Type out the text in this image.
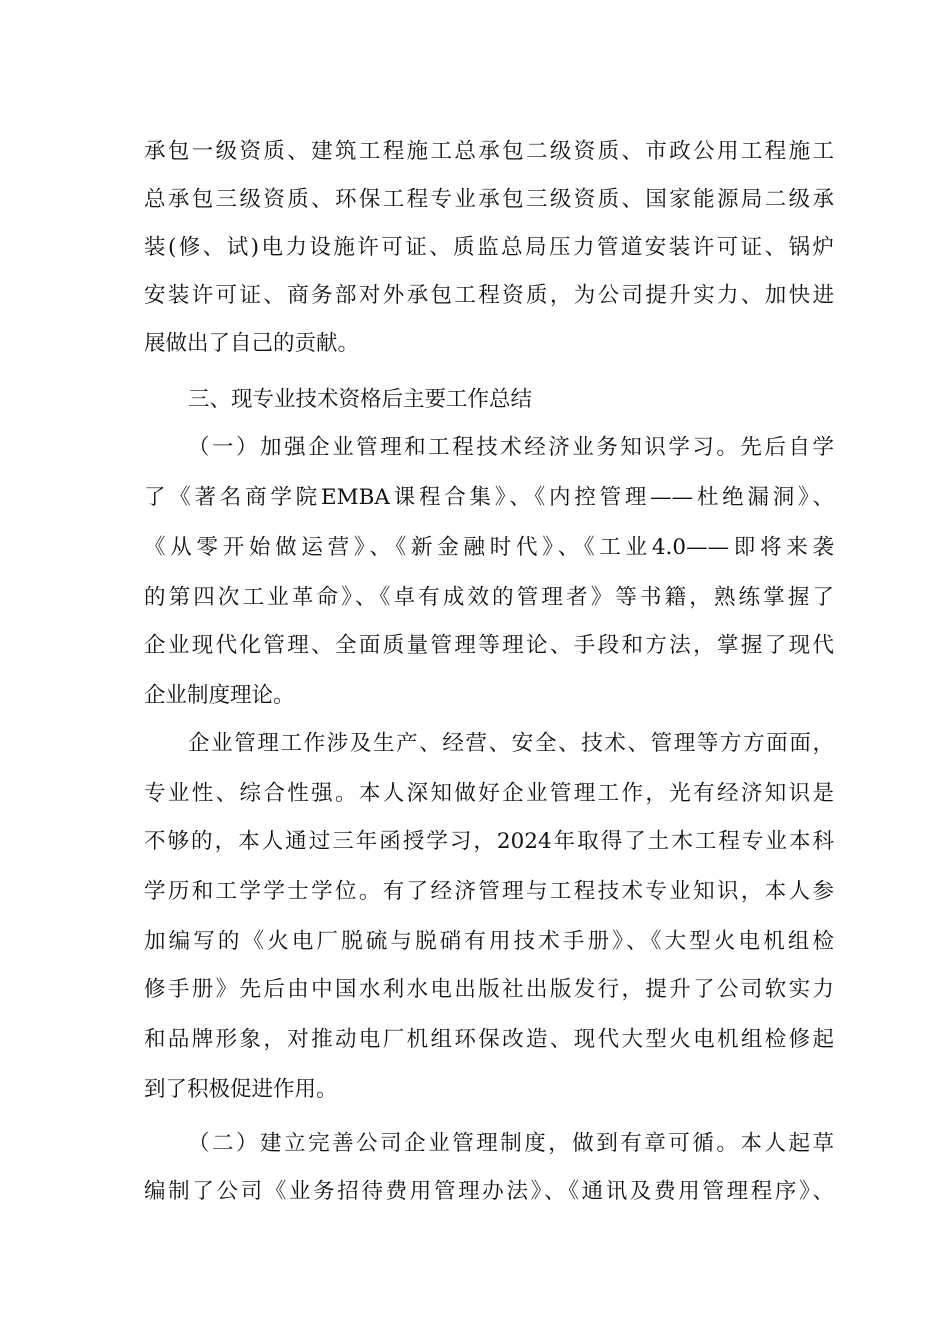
承包一级资质、建筑工程施工总承包二级资质、市政公用工程施工
总承包三级资质、环保工程专业承包三级资质、国家能源局二级承
装(修、试)电力设施许可证、质监总局压力管道安装许可证、锅炉
安装许可证、商务部对外承包工程资质，为公司提升实力、加快进
展做出了自己的贡献。
三、现专业技术资格后主要工作总结
（一）加强企业管理和工程技术经济业务知识学习。先后自学
了《著名商学院EMBA课程合集》、《内控管理——杜绝漏洞》、
《从零开始做运营》、《新金融时代》、《工业4.0——即将来袭
的第四次工业革命》、《卓有成效的管理者》等书籍，熟练掌握了
企业现代化管理、全面质量管理等理论、手段和方法，掌握了现代
企业制度理论。
企业管理工作涉及生产、经营、安全、技术、管理等方方面面，
专业性、综合性强。本人深知做好企业管理工作，光有经济知识是
不够的，本人通过三年函授学习，2024年取得了土木工程专业本科
学历和工学学士学位。有了经济管理与工程技术专业知识，本人参
加编写的《火电厂脱硫与脱硝有用技术手册》、《大型火电机组检
修手册》先后由中国水利水电出版社出版发行，提升了公司软实力
和品牌形象，对推动电厂机组环保改造、现代大型火电机组检修起
到了积极促进作用。
（二）建立完善公司企业管理制度，做到有章可循。本人起草
编制了公司《业务招待费用管理办法》、《通讯及费用管理程序》、
